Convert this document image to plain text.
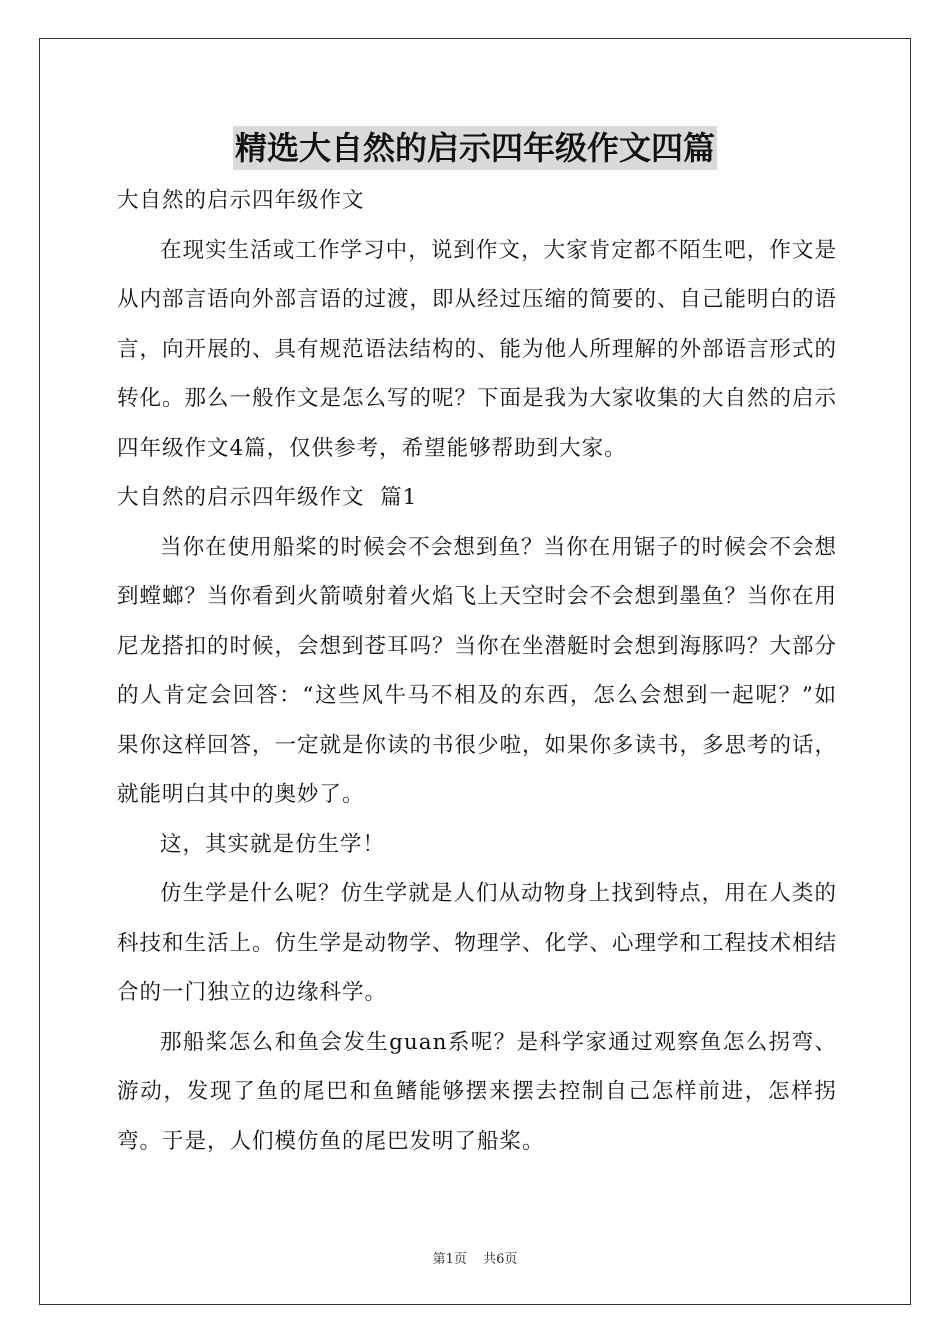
精选大自然的启示四年级作文四篇

大自然的启示四年级作文

在现实生活或工作学习中，说到作文，大家肯定都不陌生吧，作文是从内部言语向外部言语的过渡，即从经过压缩的简要的、自己能明白的语言，向开展的、具有规范语法结构的、能为他人所理解的外部语言形式的转化。那么一般作文是怎么写的呢？下面是我为大家收集的大自然的启示四年级作文4篇，仅供参考，希望能够帮助到大家。

大自然的启示四年级作文  篇1

当你在使用船桨的时候会不会想到鱼？当你在用锯子的时候会不会想到螳螂？当你看到火箭喷射着火焰飞上天空时会不会想到墨鱼？当你在用尼龙搭扣的时候，会想到苍耳吗？当你在坐潜艇时会想到海豚吗？大部分的人肯定会回答：“这些风牛马不相及的东西，怎么会想到一起呢？”如果你这样回答，一定就是你读的书很少啦，如果你多读书，多思考的话，就能明白其中的奥妙了。

这，其实就是仿生学！

仿生学是什么呢？仿生学就是人们从动物身上找到特点，用在人类的科技和生活上。仿生学是动物学、物理学、化学、心理学和工程技术相结合的一门独立的边缘科学。

那船桨怎么和鱼会发生guan系呢？是科学家通过观察鱼怎么拐弯、游动，发现了鱼的尾巴和鱼鳍能够摆来摆去控制自己怎样前进，怎样拐弯。于是，人们模仿鱼的尾巴发明了船桨。

第1页 共6页
